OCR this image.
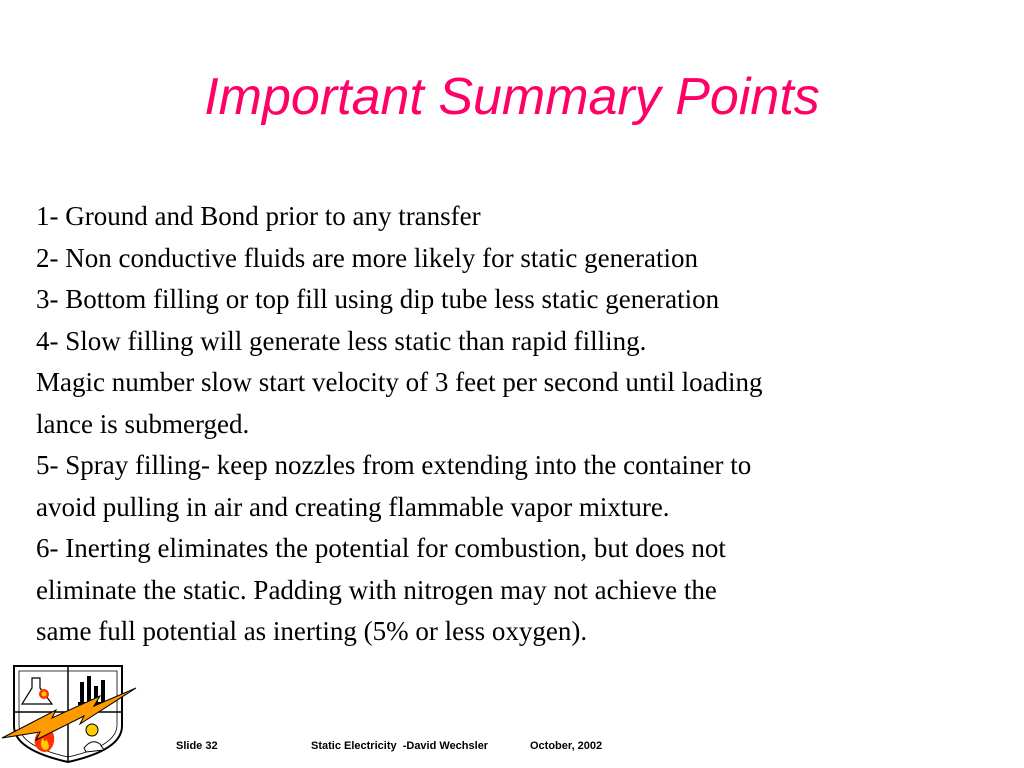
Important Summary Points
1- Ground and Bond prior to any transfer
2- Non conductive fluids are more likely for static generation
3- Bottom filling or top fill using dip tube less static generation
4- Slow filling will generate less static than rapid filling.
Magic number slow start velocity of 3 feet per second until loading
lance is submerged.
5- Spray filling- keep nozzles from extending into the container to
avoid pulling in air and creating flammable vapor mixture.
6- Inerting eliminates the potential for combustion, but does not
eliminate the static. Padding with nitrogen may not achieve the
same full potential as inerting (5% or less oxygen).
Slide 32	Static Electricity  -David Wechsler	October, 2002
